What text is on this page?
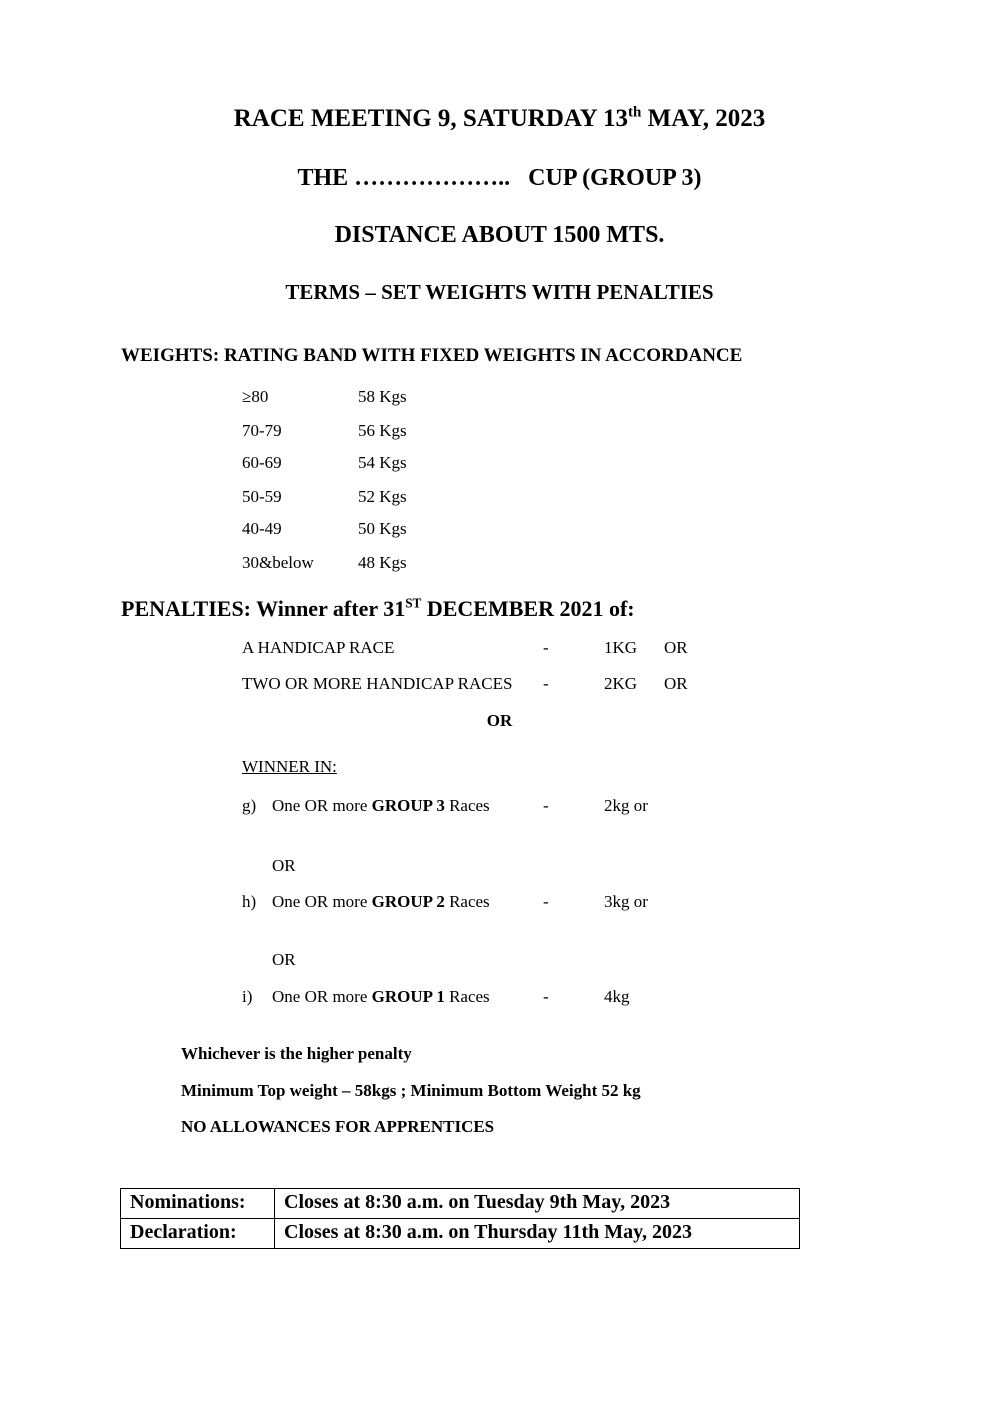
RACE MEETING 9, SATURDAY 13th MAY, 2023
THE ………………..   CUP (GROUP 3)
DISTANCE ABOUT 1500 MTS.
TERMS – SET WEIGHTS WITH PENALTIES
WEIGHTS: RATING BAND WITH FIXED WEIGHTS IN ACCORDANCE
≥80	58 Kgs
70-79	56 Kgs
60-69	54 Kgs
50-59	52 Kgs
40-49	50 Kgs
30&below	48 Kgs
PENALTIES: Winner after 31ST DECEMBER 2021 of:
A HANDICAP RACE	-	1KG OR
TWO OR MORE HANDICAP RACES -	2KG OR
OR
WINNER IN:
g) One OR more GROUP 3 Races	-	2kg or
OR
h) One OR more GROUP 2 Races	-	3kg or
OR
i) One OR more GROUP 1 Races	-	4kg
Whichever is the higher penalty
Minimum Top weight – 58kgs ; Minimum Bottom Weight 52 kg
NO ALLOWANCES FOR APPRENTICES
Nominations:	Closes at 8:30 a.m. on Tuesday 9th May, 2023
Declaration:	Closes at 8:30 a.m. on Thursday 11th May, 2023
